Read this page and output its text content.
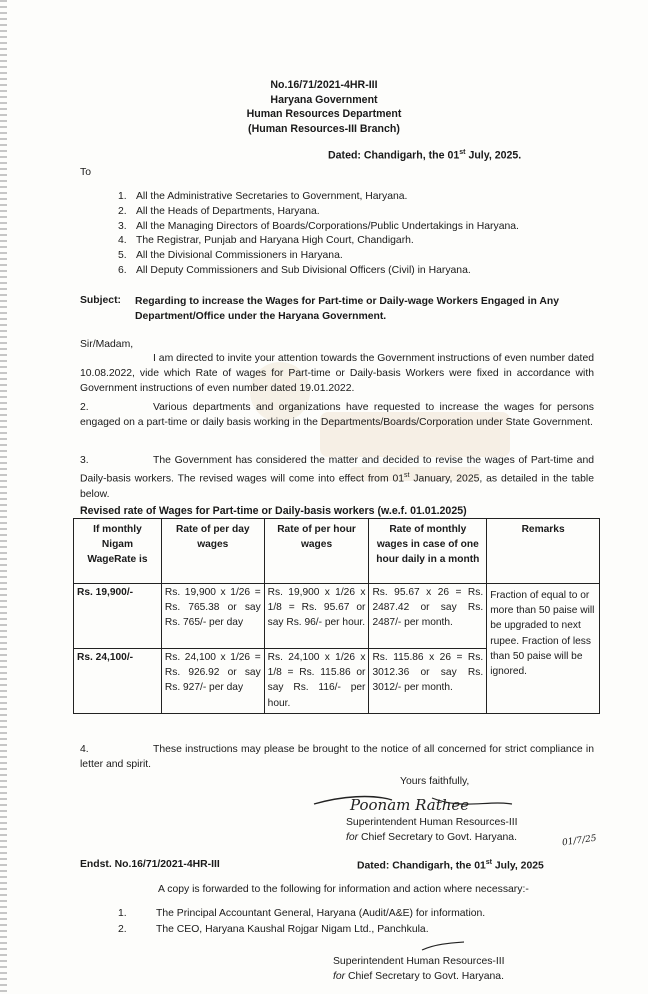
No.16/71/2021-4HR-III
Haryana Government
Human Resources Department
(Human Resources-III Branch)
Dated: Chandigarh, the 01st July, 2025.
To
1. All the Administrative Secretaries to Government, Haryana.
2. All the Heads of Departments, Haryana.
3. All the Managing Directors of Boards/Corporations/Public Undertakings in Haryana.
4. The Registrar, Punjab and Haryana High Court, Chandigarh.
5. All the Divisional Commissioners in Haryana.
6. All Deputy Commissioners and Sub Divisional Officers (Civil) in Haryana.
Subject: Regarding to increase the Wages for Part-time or Daily-wage Workers Engaged in Any Department/Office under the Haryana Government.
Sir/Madam,
I am directed to invite your attention towards the Government instructions of even number dated 10.08.2022, vide which Rate of wages for Part-time or Daily-basis Workers were fixed in accordance with Government instructions of even number dated 19.01.2022.
2.	Various departments and organizations have requested to increase the wages for persons engaged on a part-time or daily basis working in the Departments/Boards/Corporation under State Government.
3.	The Government has considered the matter and decided to revise the wages of Part-time and Daily-basis workers. The revised wages will come into effect from 01st January, 2025, as detailed in the table below.
Revised rate of Wages for Part-time or Daily-basis workers (w.e.f. 01.01.2025)
If monthly Nigam WageRate is	Rate of per day wages	Rate of per hour wages	Rate of monthly wages in case of one hour daily in a month	Remarks
Rs. 19,900/-	Rs. 19,900 x 1/26 = Rs. 765.38 or say Rs. 765/- per day	Rs. 19,900 x 1/26 x 1/8 = Rs. 95.67 or say Rs. 96/- per hour.	Rs. 95.67 x 26 = Rs. 2487.42 or say Rs. 2487/- per month.	Fraction of equal to or more than 50 paise will be upgraded to next rupee. Fraction of less than 50 paise will be ignored.
Rs. 24,100/-	Rs. 24,100 x 1/26 = Rs. 926.92 or say Rs. 927/- per day	Rs. 24,100 x 1/26 x 1/8 = Rs. 115.86 or say Rs. 116/- per hour.	Rs. 115.86 x 26 = Rs. 3012.36 or say Rs. 3012/- per month.	
4.	These instructions may please be brought to the notice of all concerned for strict compliance in letter and spirit.
Yours faithfully,
Poonam Rathee
Superintendent Human Resources-III
for Chief Secretary to Govt. Haryana.	01/7/25
Endst. No.16/71/2021-4HR-III	Dated: Chandigarh, the 01st July, 2025
A copy is forwarded to the following for information and action where necessary:-
1.	The Principal Accountant General, Haryana (Audit/A&E) for information.
2.	The CEO, Haryana Kaushal Rojgar Nigam Ltd., Panchkula.
Superintendent Human Resources-III
for Chief Secretary to Govt. Haryana.
